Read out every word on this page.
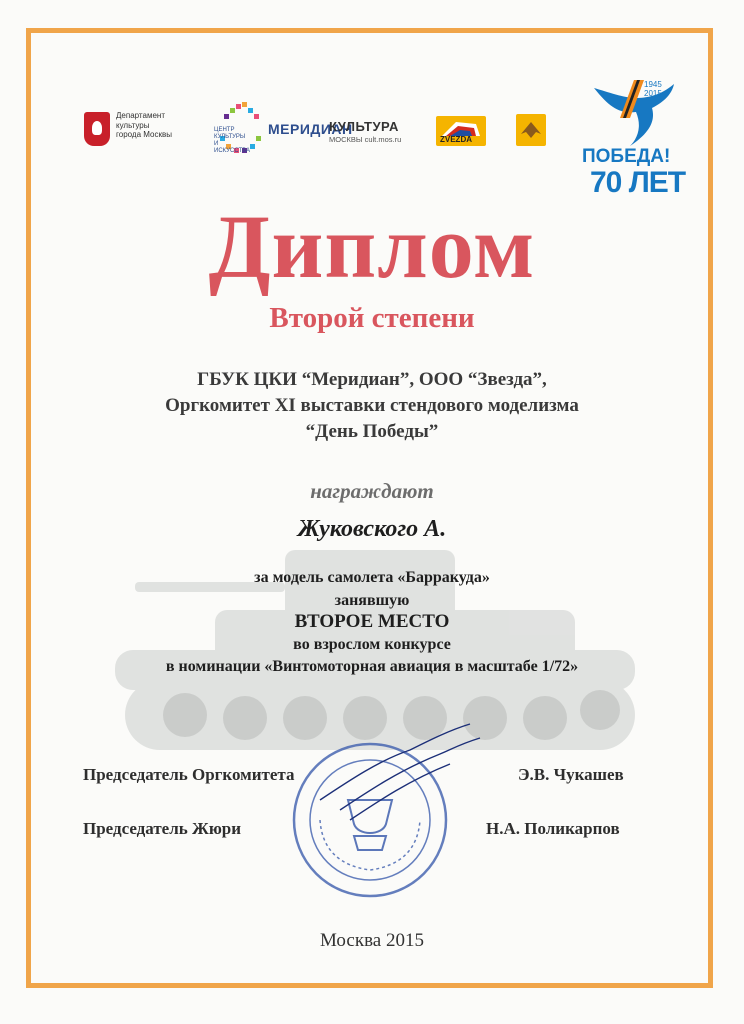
Департамент
культуры
города Москвы	ЦЕНТР
КУЛЬТУРЫ
И ИСКУССТВА
МЕРИДИАН
КУЛЬТУРА
МОСКВЫ cult.mos.ru	ZVEZDA
1945
2015
ПОБЕДА!
70 ЛЕТ
Диплом
Второй степени
ГБУК ЦКИ “Меридиан”, ООО “Звезда”,
Оргкомитет XI выставки стендового моделизма
“День Победы”
награждают
Жуковского А.
за модель самолета «Барракуда»
занявшую
ВТОРОЕ МЕСТО
во взрослом конкурсе
в номинации «Винтомоторная авиация в масштабе 1/72»
Председатель Оргкомитета	Э.В. Чукашев
Председатель Жюри	Н.А. Поликарпов
Москва 2015
